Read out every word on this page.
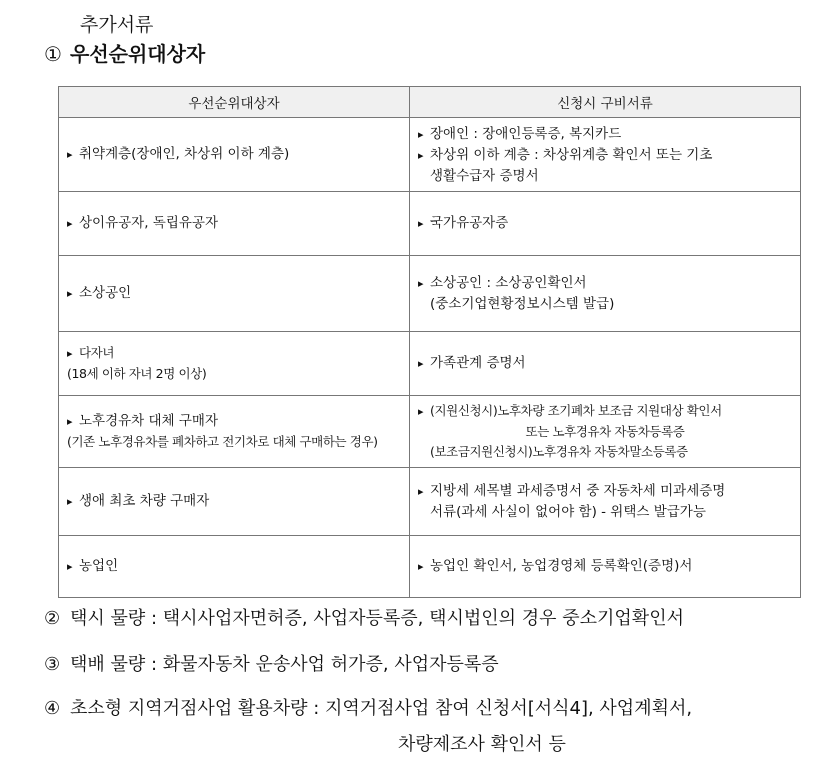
추가서류
① 우선순위대상자
우선순위대상자	신청시 구비서류

▸ 취약계층(장애인, 차상위 이하 계층)	▸ 장애인 : 장애인등록증, 복지카드
▸ 차상위 이하 계층 : 차상위계층 확인서 또는 기초
생활수급자 증명서

▸ 상이유공자, 독립유공자	▸ 국가유공자증

▸ 소상공인	▸ 소상공인 : 소상공인확인서
(중소기업현황정보시스템 발급)

▸ 다자녀
(18세 이하 자녀 2명 이상)	▸ 가족관계 증명서

▸ 노후경유차 대체 구매자
(기존 노후경유차를 폐차하고 전기차로 대체 구매하는 경우)	▸ (지원신청시)노후차량 조기폐차 보조금 지원대상 확인서
또는 노후경유차 자동차등록증
(보조금지원신청시)노후경유차 자동차말소등록증

▸ 생애 최초 차량 구매자	▸ 지방세 세목별 과세증명서 중 자동차세 미과세증명
서류(과세 사실이 없어야 함) - 위택스 발급가능

▸ 농업인	▸ 농업인 확인서, 농업경영체 등록확인(증명)서
② 택시 물량 : 택시사업자면허증, 사업자등록증, 택시법인의 경우 중소기업확인서
③ 택배 물량 : 화물자동차 운송사업 허가증, 사업자등록증
④ 초소형 지역거점사업 활용차량 : 지역거점사업 참여 신청서[서식4], 사업계획서,
차량제조사 확인서 등
